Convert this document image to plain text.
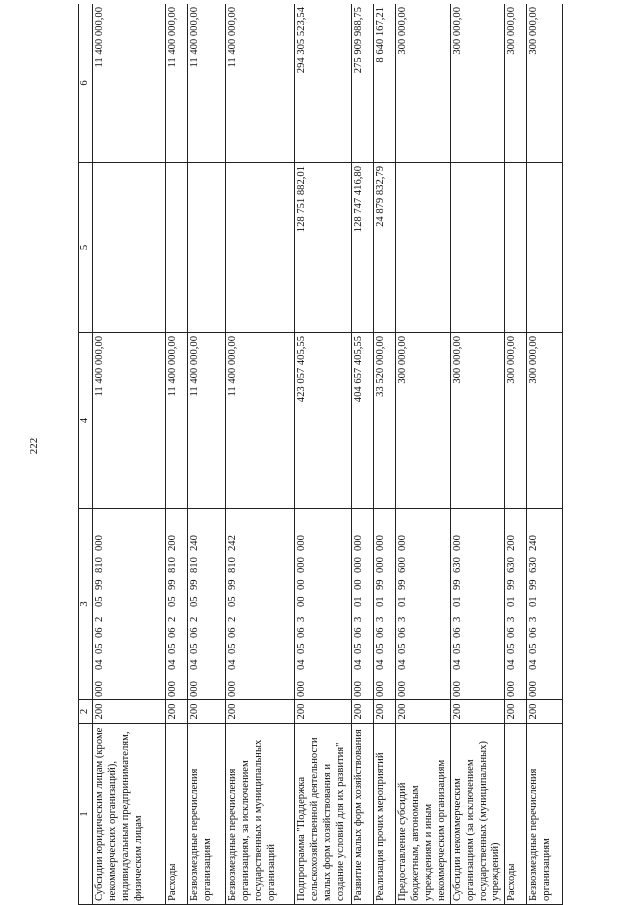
222
1	2	3	4	5	6
Субсидии юридическим лицам (кроме некоммерческих организаций), индивидуальным предпринимателям, физическим лицам	200	00004050620599810000	11 400 000,00		11 400 000,00
Расходы	200	00004050620599810200	11 400 000,00		11 400 000,00
Безвозмездные перечисления организациям	200	00004050620599810240	11 400 000,00		11 400 000,00
Безвозмездные перечисления организациям, за исключением государственных и муниципальных организаций	200	00004050620599810242	11 400 000,00		11 400 000,00
Подпрограмма "Поддержка сельскохозяйственной деятельности малых форм хозяйствования и создание условий для их развития"	200	00004050630000000000	423 057 405,55	128 751 882,01	294 305 523,54
Развитие малых форм хозяйствования	200	00004050630100000000	404 657 405,55	128 747 416,80	275 909 988,75
Реализация прочих мероприятий	200	00004050630199000000	33 520 000,00	24 879 832,79	8 640 167,21
Предоставление субсидий бюджетным, автономным учреждениям и иным некоммерческим организациям	200	00004050630199600000	300 000,00		300 000,00
Субсидии некоммерческим организациям (за исключением государственных (муниципальных) учреждений)	200	00004050630199630000	300 000,00		300 000,00
Расходы	200	00004050630199630200	300 000,00		300 000,00
Безвозмездные перечисления организациям	200	00004050630199630240	300 000,00		300 000,00
